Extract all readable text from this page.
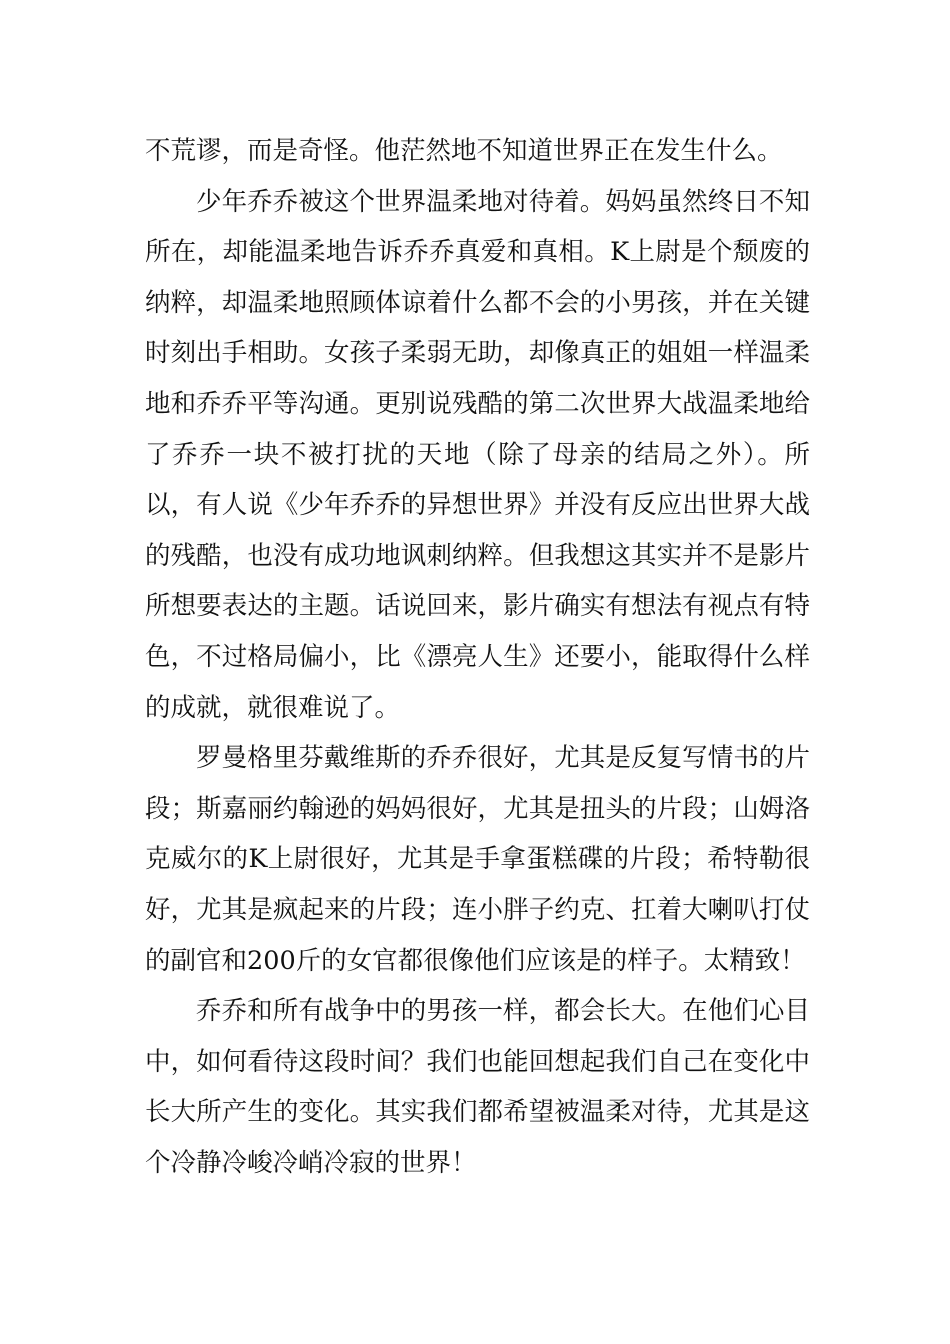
不荒谬，而是奇怪。他茫然地不知道世界正在发生什么。

少年乔乔被这个世界温柔地对待着。妈妈虽然终日不知所在，却能温柔地告诉乔乔真爱和真相。K上尉是个颓废的纳粹，却温柔地照顾体谅着什么都不会的小男孩，并在关键时刻出手相助。女孩子柔弱无助，却像真正的姐姐一样温柔地和乔乔平等沟通。更别说残酷的第二次世界大战温柔地给了乔乔一块不被打扰的天地（除了母亲的结局之外）。所以，有人说《少年乔乔的异想世界》并没有反应出世界大战的残酷，也没有成功地讽刺纳粹。但我想这其实并不是影片所想要表达的主题。话说回来，影片确实有想法有视点有特色，不过格局偏小，比《漂亮人生》还要小，能取得什么样的成就，就很难说了。

罗曼格里芬戴维斯的乔乔很好，尤其是反复写情书的片段；斯嘉丽约翰逊的妈妈很好，尤其是扭头的片段；山姆洛克威尔的K上尉很好，尤其是手拿蛋糕碟的片段；希特勒很好，尤其是疯起来的片段；连小胖子约克、扛着大喇叭打仗的副官和200斤的女官都很像他们应该是的样子。太精致！

乔乔和所有战争中的男孩一样，都会长大。在他们心目中，如何看待这段时间？我们也能回想起我们自己在变化中长大所产生的变化。其实我们都希望被温柔对待，尤其是这个冷静冷峻冷峭冷寂的世界！
